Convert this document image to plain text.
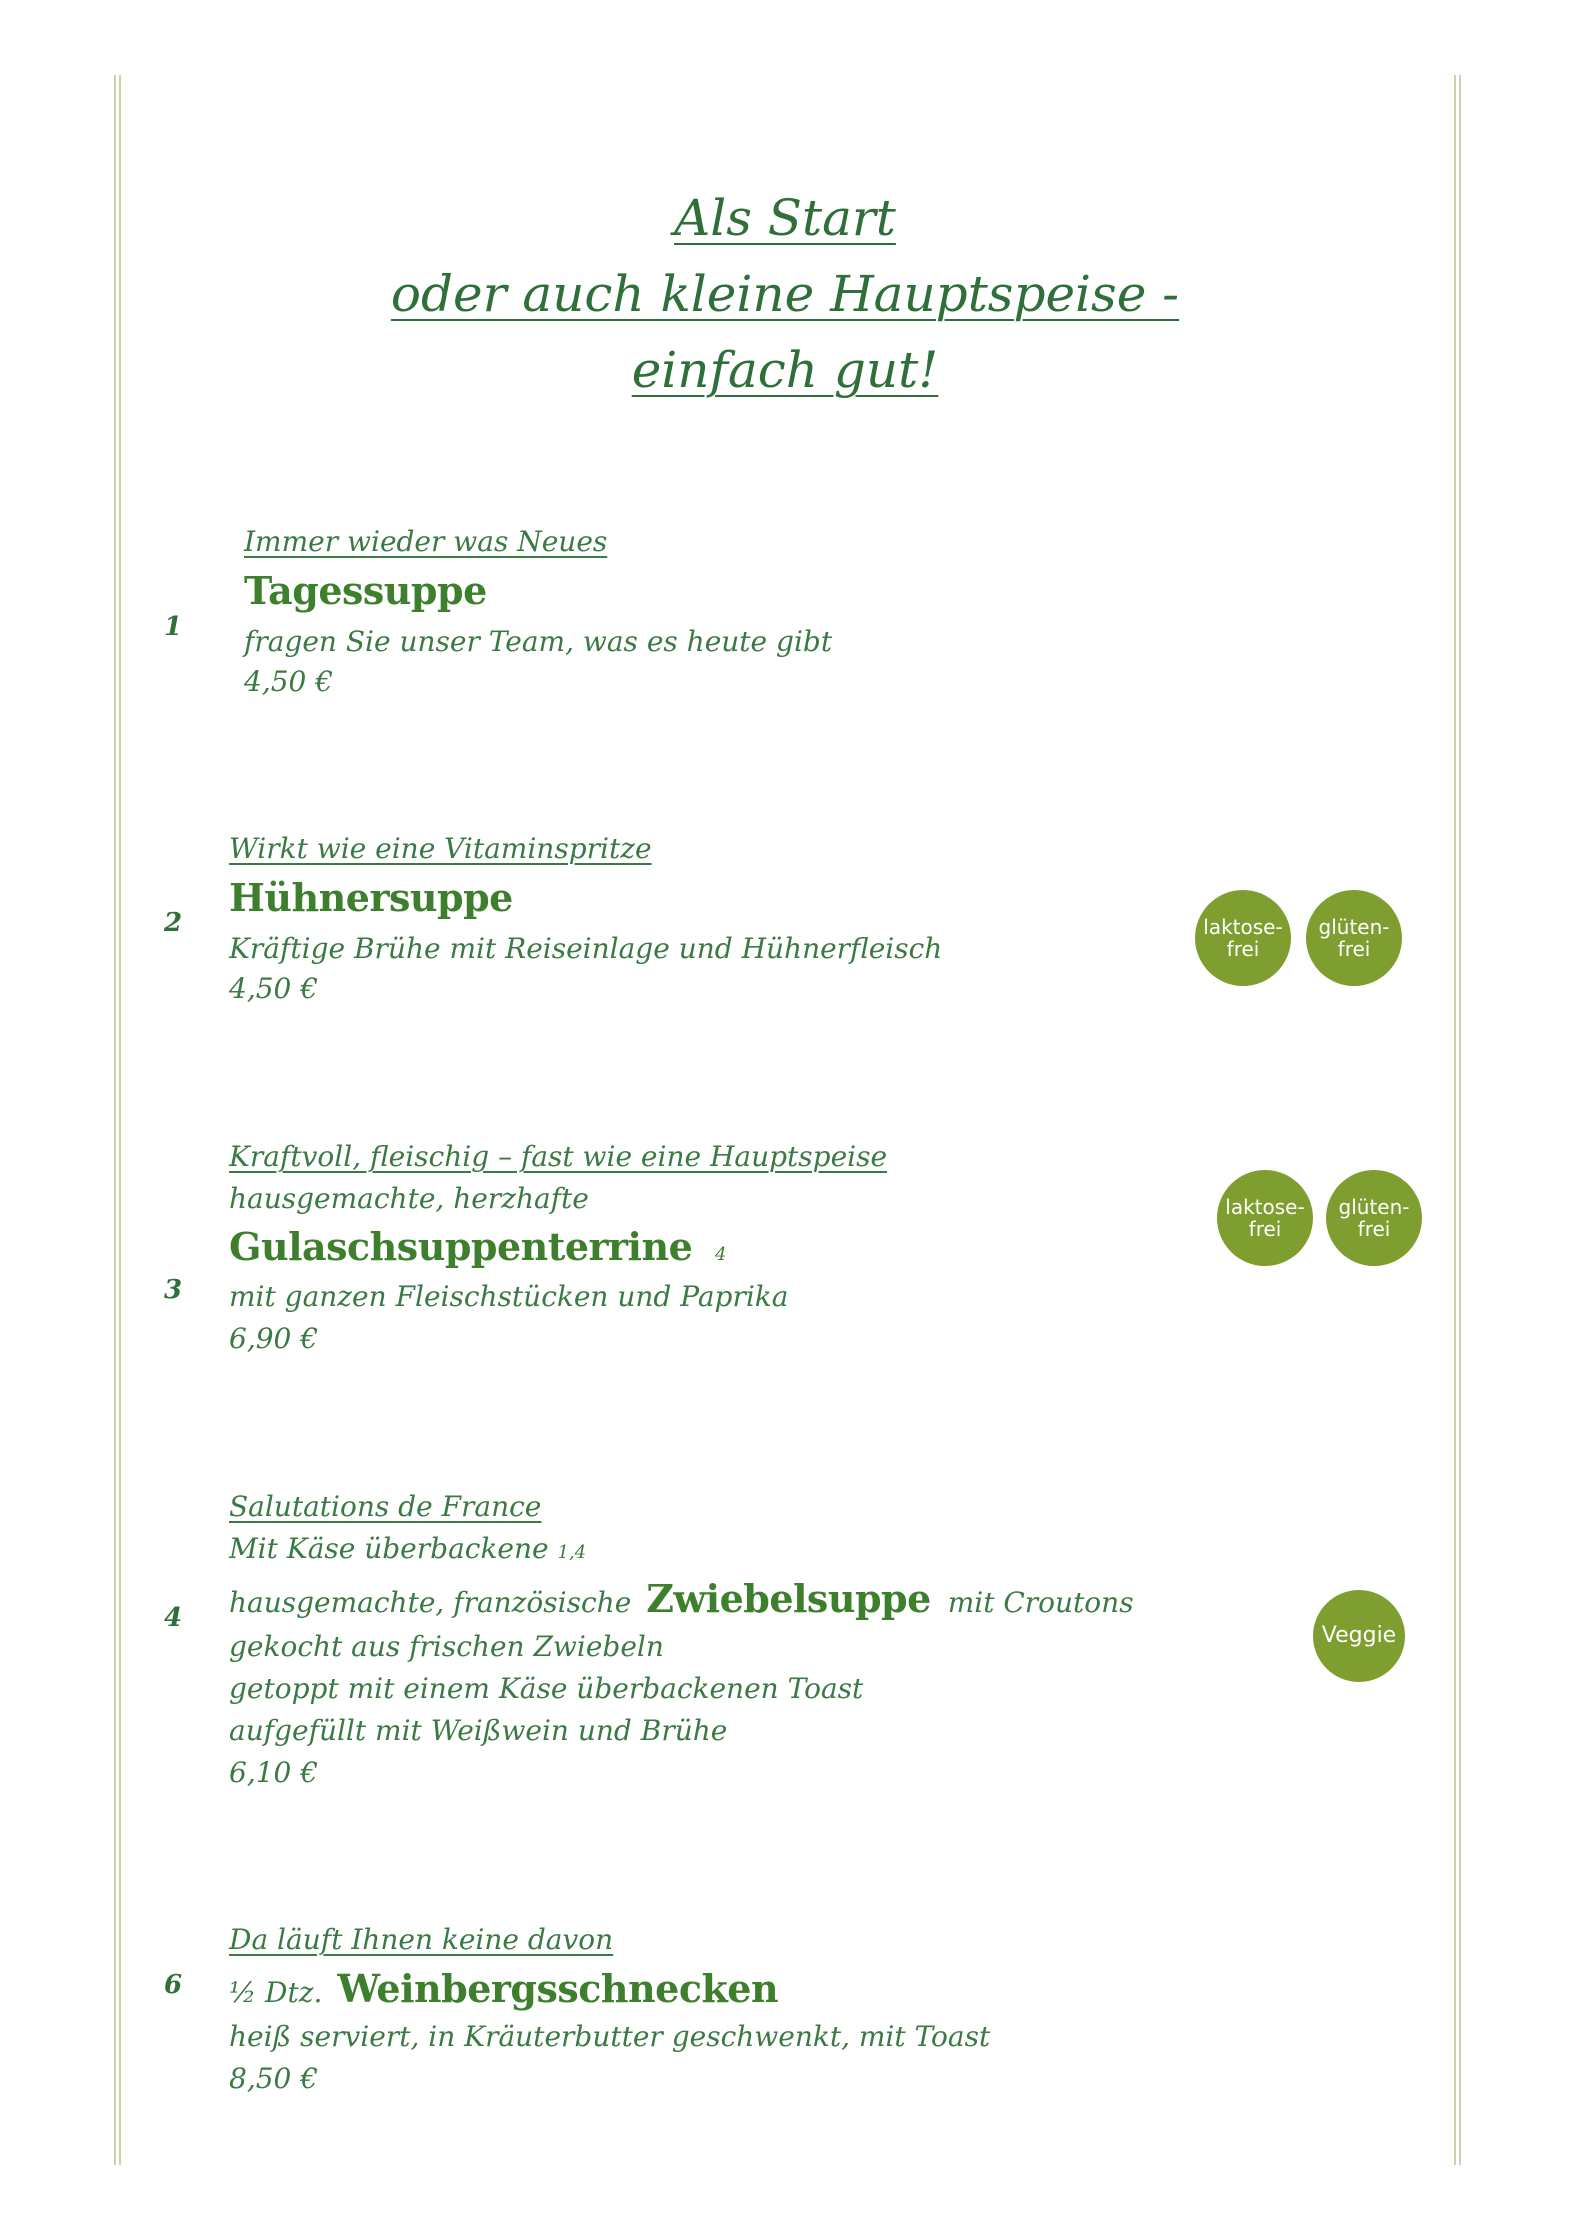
Als Start
oder auch kleine Hauptspeise -
einfach gut!
1
Immer wieder was Neues
Tagessuppe
fragen Sie unser Team, was es heute gibt
4,50 €
2
Wirkt wie eine Vitaminspritze
Hühnersuppe
Kräftige Brühe mit Reiseinlage und Hühnerfleisch
4,50 €
laktose-
frei
glüten-
frei
3
Kraftvoll, fleischig – fast wie eine Hauptspeise
hausgemachte, herzhafte
Gulaschsuppenterrine 4
mit ganzen Fleischstücken und Paprika
6,90 €
laktose-
frei
glüten-
frei
4
Salutations de France
Mit Käse überbackene 1,4
hausgemachte, französische Zwiebelsuppe mit Croutons
gekocht aus frischen Zwiebeln
getoppt mit einem Käse überbackenen Toast
aufgefüllt mit Weißwein und Brühe
6,10 €
Veggie
6
Da läuft Ihnen keine davon
½ Dtz. Weinbergsschnecken
heiß serviert, in Kräuterbutter geschwenkt, mit Toast
8,50 €
